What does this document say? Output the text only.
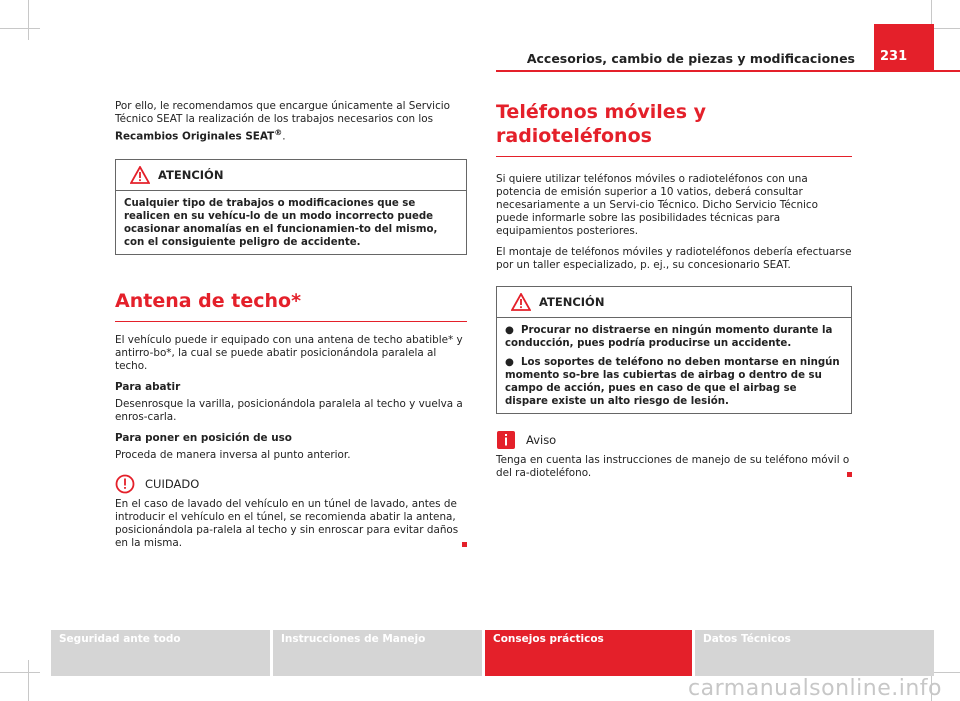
Accesorios, cambio de piezas y modificaciones	231

Por ello, le recomendamos que encargue únicamente al Servicio Técnico SEAT la realización de los trabajos necesarios con los Recambios Originales SEAT®.

ATENCIÓN

Cualquier tipo de trabajos o modificaciones que se realicen en su vehícu-lo de un modo incorrecto puede ocasionar anomalías en el funcionamien-to del mismo, con el consiguiente peligro de accidente.

Antena de techo*

El vehículo puede ir equipado con una antena de techo abatible* y antirro-bo*, la cual se puede abatir posicionándola paralela al techo.

Para abatir

Desenrosque la varilla, posicionándola paralela al techo y vuelva a enros-carla.

Para poner en posición de uso

Proceda de manera inversa al punto anterior.

CUIDADO

En el caso de lavado del vehículo en un túnel de lavado, antes de introducir el vehículo en el túnel, se recomienda abatir la antena, posicionándola pa-ralela al techo y sin enroscar para evitar daños en la misma.

Teléfonos móviles y radioteléfonos

Si quiere utilizar teléfonos móviles o radioteléfonos con una potencia de emisión superior a 10 vatios, deberá consultar necesariamente a un Servi-cio Técnico. Dicho Servicio Técnico puede informarle sobre las posibilidades técnicas para equipamientos posteriores.

El montaje de teléfonos móviles y radioteléfonos debería efectuarse por un taller especializado, p. ej., su concesionario SEAT.

ATENCIÓN

●  Procurar no distraerse en ningún momento durante la conducción, pues podría producirse un accidente.

●  Los soportes de teléfono no deben montarse en ningún momento so-bre las cubiertas de airbag o dentro de su campo de acción, pues en caso de que el airbag se dispare existe un alto riesgo de lesión.

Aviso

Tenga en cuenta las instrucciones de manejo de su teléfono móvil o del ra-dioteléfono.

Seguridad ante todo	Instrucciones de Manejo	Consejos prácticos	Datos Técnicos
carmanualsonline.info
